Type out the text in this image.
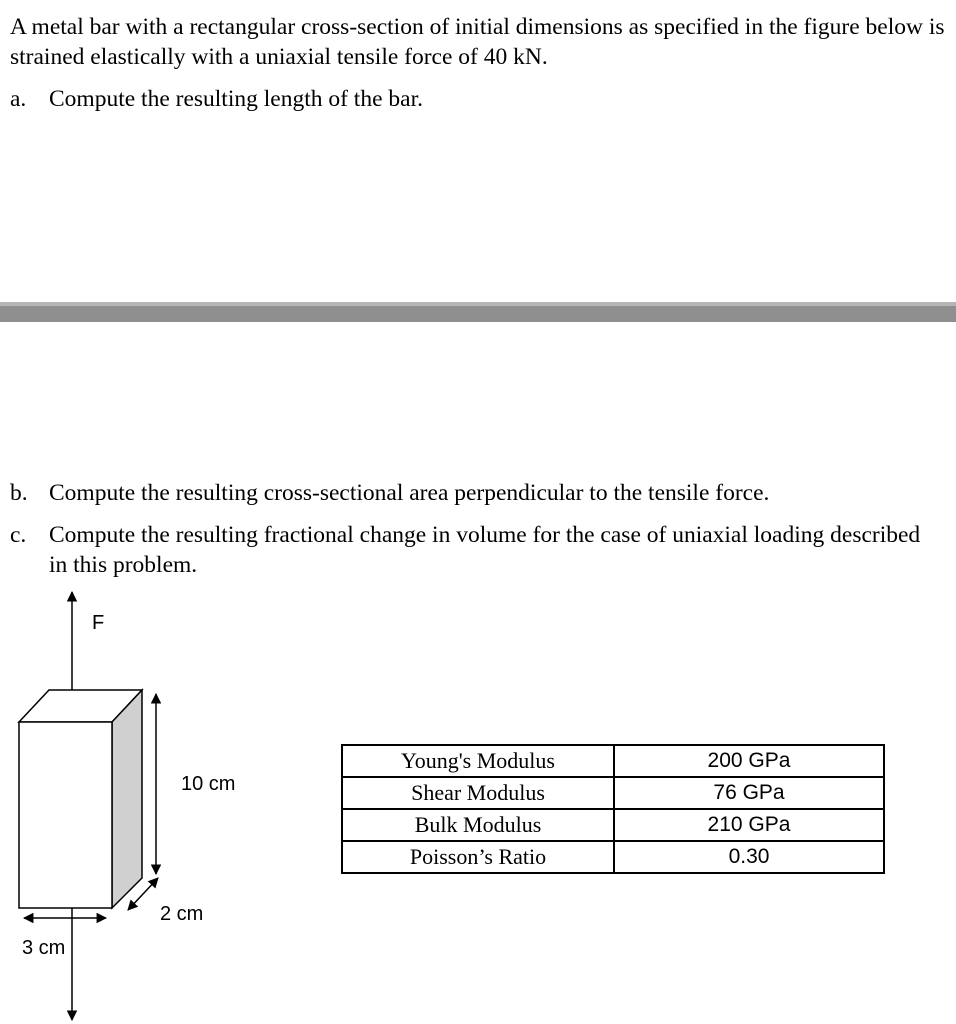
A metal bar with a rectangular cross-section of initial dimensions as specified in the figure below is strained elastically with a uniaxial tensile force of 40 kN.

a. Compute the resulting length of the bar.
b. Compute the resulting cross-sectional area perpendicular to the tensile force.
c. Compute the resulting fractional change in volume for the case of uniaxial loading described in this problem.
F
10 cm
2 cm
3 cm
Young's Modulus	200 GPa
Shear Modulus	76 GPa
Bulk Modulus	210 GPa
Poisson’s Ratio	0.30
